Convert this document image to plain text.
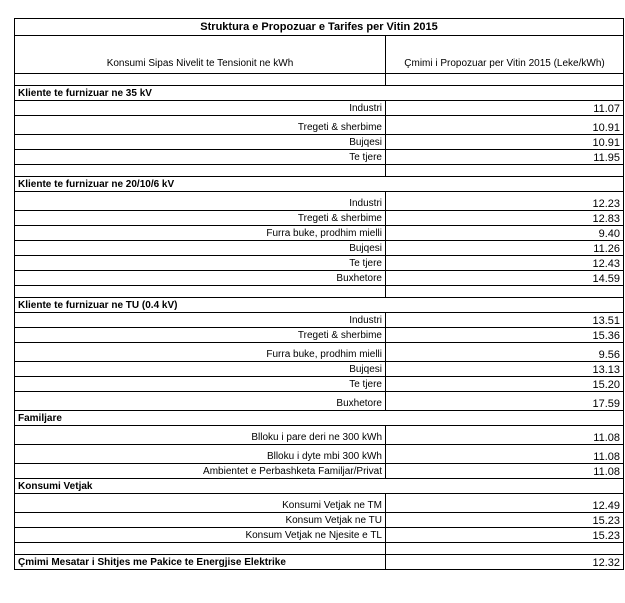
Struktura e Propozuar e Tarifes per Vitin 2015	
Konsumi Sipas Nivelit te Tensionit ne kWh	Çmimi i Propozuar per Vitin 2015 (Leke/kWh)

Kliente te furnizuar ne 35 kV	
Industri	11.07
Tregeti & sherbime	10.91
Bujqesi	10.91
Te tjere	11.95

Kliente te furnizuar ne 20/10/6 kV	
Industri	12.23
Tregeti & sherbime	12.83
Furra buke, prodhim mielli	9.40
Bujqesi	11.26
Te tjere	12.43
Buxhetore	14.59

Kliente te furnizuar ne TU (0.4 kV)	
Industri	13.51
Tregeti & sherbime	15.36
Furra buke, prodhim mielli	9.56
Bujqesi	13.13
Te tjere	15.20
Buxhetore	17.59
Familjare	
Blloku i pare deri ne 300 kWh	11.08
Blloku i dyte mbi 300 kWh	11.08
Ambientet e Perbashketa Familjar/Privat	11.08
Konsumi Vetjak	
Konsumi Vetjak ne TM	12.49
Konsum Vetjak ne TU	15.23
Konsum Vetjak ne Njesite e TL	15.23

Çmimi Mesatar i Shitjes me Pakice te Energjise Elektrike	12.32
